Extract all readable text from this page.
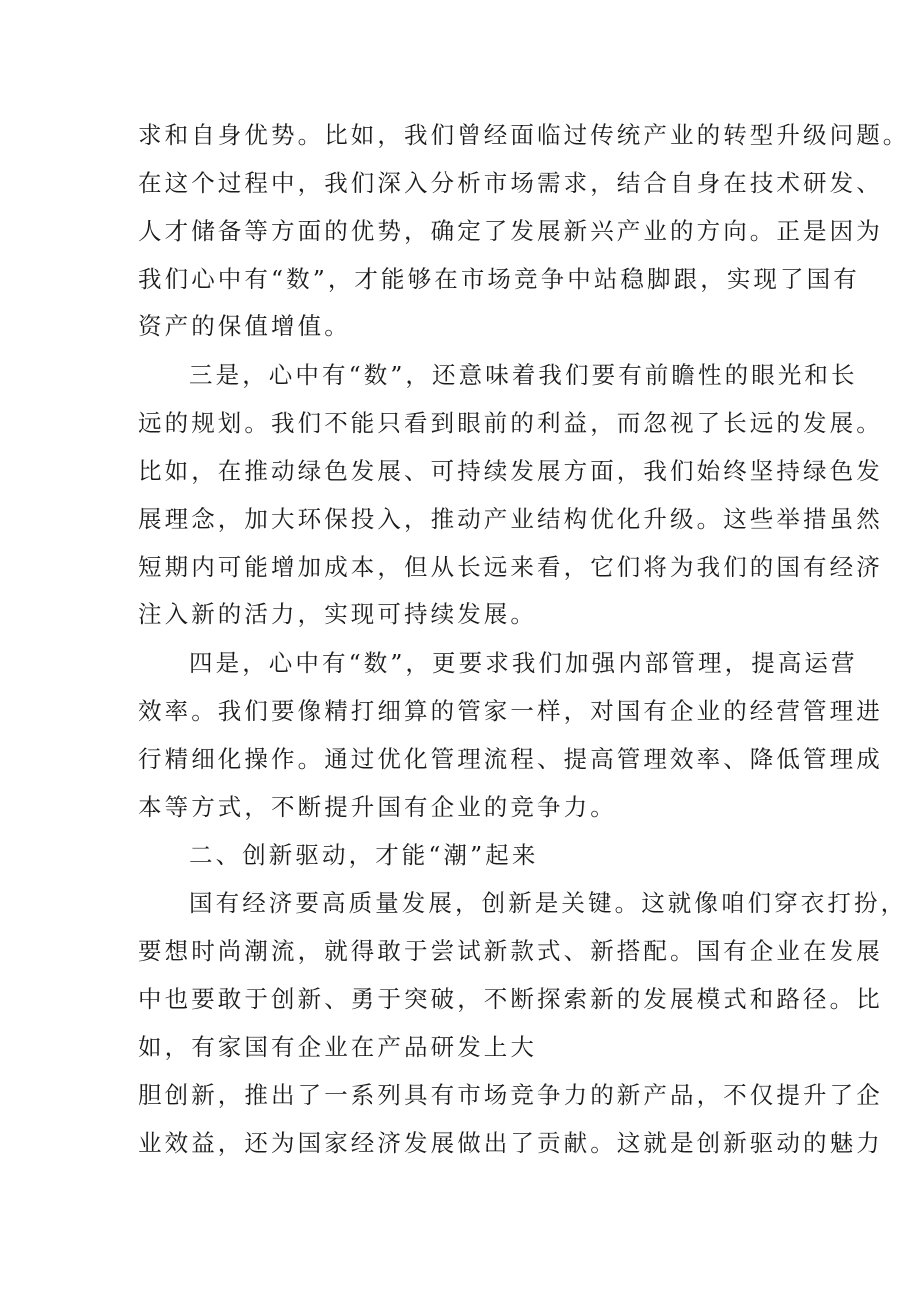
求和自身优势。比如，我们曾经面临过传统产业的转型升级问题。
在这个过程中，我们深入分析市场需求，结合自身在技术研发、
人才储备等方面的优势，确定了发展新兴产业的方向。正是因为
我们心中有“数”，才能够在市场竞争中站稳脚跟，实现了国有
资产的保值增值。
三是，心中有“数”，还意味着我们要有前瞻性的眼光和长
远的规划。我们不能只看到眼前的利益，而忽视了长远的发展。
比如，在推动绿色发展、可持续发展方面，我们始终坚持绿色发
展理念，加大环保投入，推动产业结构优化升级。这些举措虽然
短期内可能增加成本，但从长远来看，它们将为我们的国有经济
注入新的活力，实现可持续发展。
四是，心中有“数”，更要求我们加强内部管理，提高运营
效率。我们要像精打细算的管家一样，对国有企业的经营管理进
行精细化操作。通过优化管理流程、提高管理效率、降低管理成
本等方式，不断提升国有企业的竞争力。
二、创新驱动，才能“潮”起来
国有经济要高质量发展，创新是关键。这就像咱们穿衣打扮，
要想时尚潮流，就得敢于尝试新款式、新搭配。国有企业在发展
中也要敢于创新、勇于突破，不断探索新的发展模式和路径。比
如，有家国有企业在产品研发上大
胆创新，推出了一系列具有市场竞争力的新产品，不仅提升了企
业效益，还为国家经济发展做出了贡献。这就是创新驱动的魅力
